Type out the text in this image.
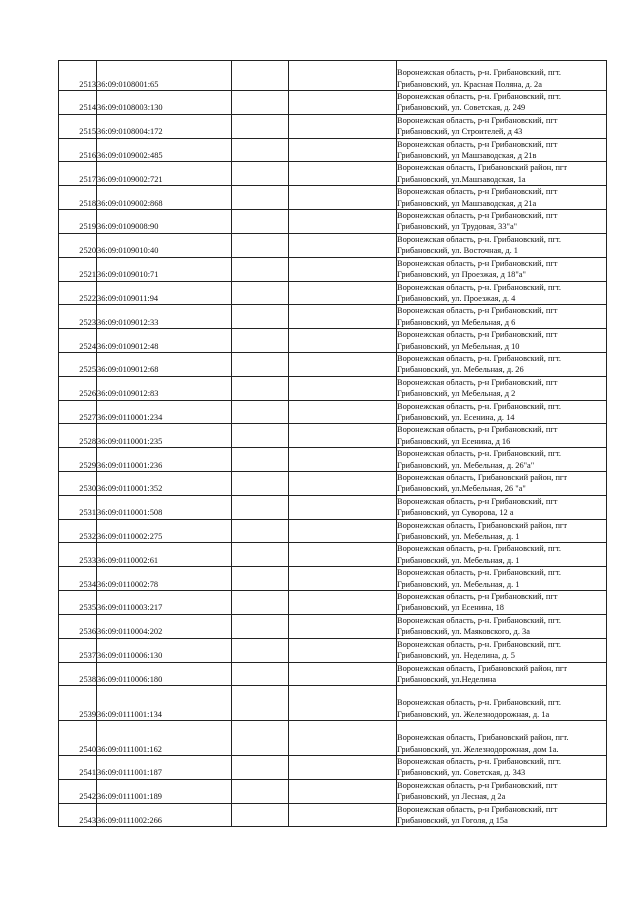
2513	36:09:0108001:65			Воронежская область, р-н. Грибановский, пгт.
Грибановский, ул. Красная Поляна, д. 2а

2514	36:09:0108003:130			Воронежская область, р-н. Грибановский, пгт.
Грибановский, ул. Советская, д. 249

2515	36:09:0108004:172			Воронежская область, р-н Грибановский, пгт
Грибановский, ул Строителей, д 43

2516	36:09:0109002:485			Воронежская область, р-н Грибановский, пгт
Грибановский, ул Машзаводская, д 21в

2517	36:09:0109002:721			Воронежская область, Грибановский район, пгт
Грибановский, ул.Машзаводская, 1а

2518	36:09:0109002:868			Воронежская область, р-н Грибановский, пгт
Грибановский, ул Машзаводская, д 21а

2519	36:09:0109008:90			Воронежская область, р-н Грибановский, пгт
Грибановский, ул Трудовая, 33"а"

2520	36:09:0109010:40			Воронежская область, р-н. Грибановский, пгт.
Грибановский, ул. Восточная, д. 1

2521	36:09:0109010:71			Воронежская область, р-н Грибановский, пгт
Грибановский, ул Проезжая, д 18"а"

2522	36:09:0109011:94			Воронежская область, р-н. Грибановский, пгт.
Грибановский, ул. Проезжая, д. 4

2523	36:09:0109012:33			Воронежская область, р-н Грибановский, пгт
Грибановский, ул Мебельная, д 6

2524	36:09:0109012:48			Воронежская область, р-н Грибановский, пгт
Грибановский, ул Мебельная, д 10

2525	36:09:0109012:68			Воронежская область, р-н. Грибановский, пгт.
Грибановский, ул. Мебельная, д. 26

2526	36:09:0109012:83			Воронежская область, р-н Грибановский, пгт
Грибановский, ул Мебельная, д 2

2527	36:09:0110001:234			Воронежская область, р-н. Грибановский, пгт.
Грибановский, ул. Есенина, д. 14

2528	36:09:0110001:235			Воронежская область, р-н Грибановский, пгт
Грибановский, ул Есенина, д 16

2529	36:09:0110001:236			Воронежская область, р-н. Грибановский, пгт.
Грибановский, ул. Мебельная, д. 26"а"

2530	36:09:0110001:352			Воронежская область, Грибановский район, пгт
Грибановский, ул.Мебельная, 26 "а"

2531	36:09:0110001:508			Воронежская область, р-н Грибановский, пгт
Грибановский, ул Суворова, 12 а

2532	36:09:0110002:275			Воронежская область, Грибановский район, пгт
Грибановский, ул. Мебельная, д. 1

2533	36:09:0110002:61			Воронежская область, р-н. Грибановский, пгт.
Грибановский, ул. Мебельная, д. 1

2534	36:09:0110002:78			Воронежская область, р-н. Грибановский, пгт.
Грибановский, ул. Мебельная, д. 1

2535	36:09:0110003:217			Воронежская область, р-н Грибановский, пгт
Грибановский, ул Есенина, 18

2536	36:09:0110004:202			Воронежская область, р-н. Грибановский, пгт.
Грибановский, ул. Маяковского, д. 3а

2537	36:09:0110006:130			Воронежская область, р-н. Грибановский, пгт.
Грибановский, ул. Неделина, д. 5

2538	36:09:0110006:180			Воронежская область, Грибановский район, пгт
Грибановский, ул.Неделина

2539	36:09:0111001:134			Воронежская область, р-н. Грибановский, пгт.
Грибановский, ул. Железнодорожная, д. 1а

2540	36:09:0111001:162			Воронежская область, Грибановский район, пгт.
Грибановский, ул. Железнодорожная, дом 1а.

2541	36:09:0111001:187			Воронежская область, р-н. Грибановский, пгт.
Грибановский, ул. Советская, д. 343

2542	36:09:0111001:189			Воронежская область, р-н Грибановский, пгт
Грибановский, ул Лесная, д 2а

2543	36:09:0111002:266			Воронежская область, р-н Грибановский, пгт
Грибановский, ул Гоголя, д 15а
